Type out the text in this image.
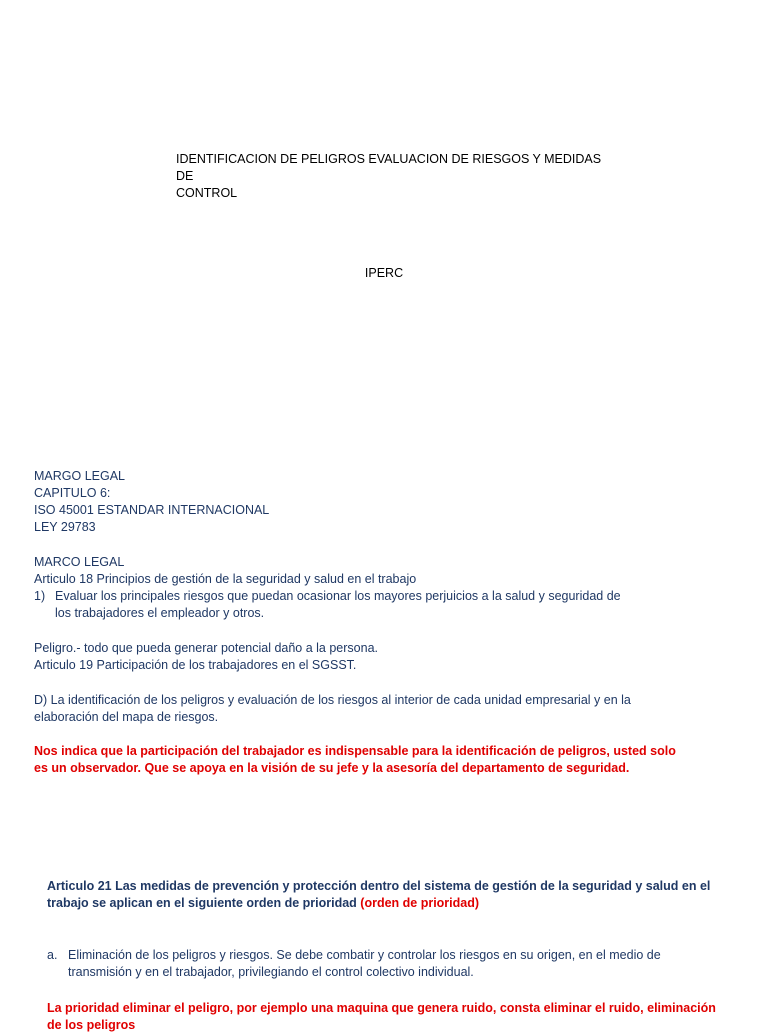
IDENTIFICACION DE PELIGROS EVALUACION DE RIESGOS Y MEDIDAS DE
CONTROL
IPERC
MARGO LEGAL
CAPITULO 6:
ISO 45001 ESTANDAR INTERNACIONAL
LEY 29783
MARCO LEGAL
Articulo 18 Principios de gestión de la seguridad y salud en el trabajo
1) Evaluar los principales riesgos que puedan ocasionar los mayores perjuicios a la salud y seguridad de
los trabajadores el empleador y otros.
Peligro.- todo que pueda generar potencial daño a la persona.
Articulo 19 Participación de los trabajadores en el SGSST.
D) La identificación de los peligros y evaluación de los riesgos al interior de cada unidad empresarial y en la
elaboración del mapa de riesgos.
Nos indica que la participación del trabajador es indispensable para la identificación de peligros, usted solo
es un observador. Que se apoya en la visión de su jefe y la asesoría del departamento de seguridad.
Articulo 21 Las medidas de prevención y protección dentro del sistema de gestión de la seguridad y salud en el
trabajo se aplican en el siguiente orden de prioridad (orden de prioridad)
a. Eliminación de los peligros y riesgos. Se debe combatir y controlar los riesgos en su origen, en el medio de
transmisión y en el trabajador, privilegiando el control colectivo individual.
La prioridad eliminar el peligro, por ejemplo una maquina que genera ruido, consta eliminar el ruido, eliminación
de los peligros
